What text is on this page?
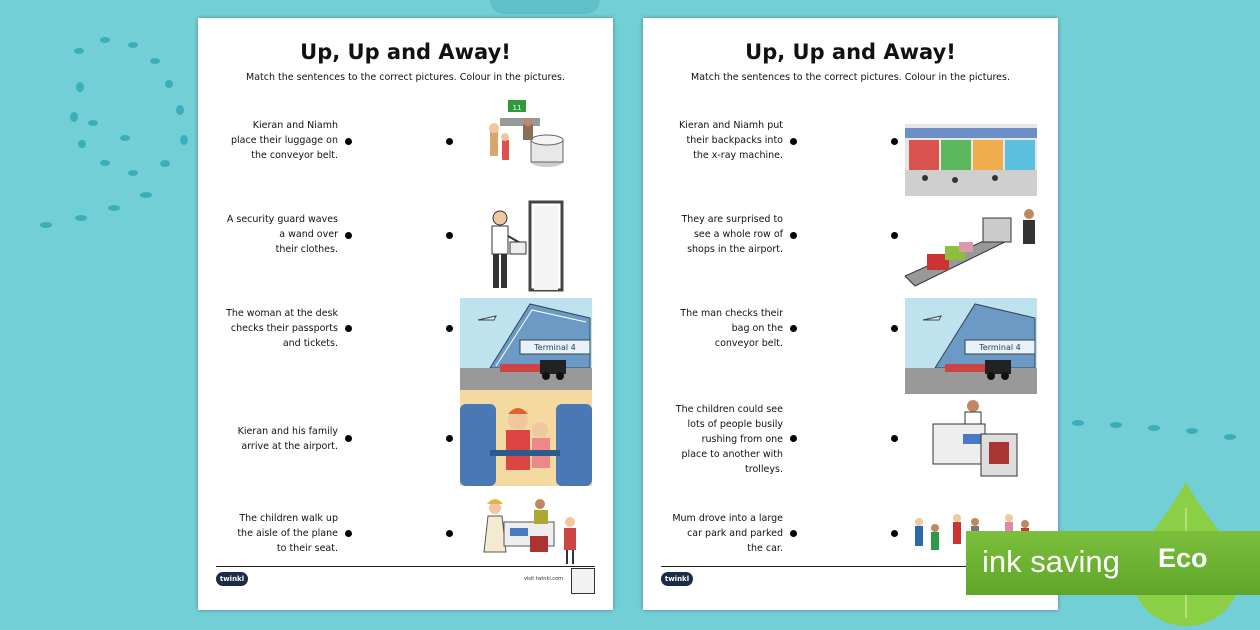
Up, Up and Away!
Match the sentences to the correct pictures. Colour in the pictures.
Kieran and Niamh
place their luggage on
the conveyor belt.
11
A security guard waves
a wand over
their clothes.
The woman at the desk
checks their passports
and tickets.	Terminal 4
Kieran and his family
arrive at the airport.
The children walk up
the aisle of the plane
to their seat.
twinkl	visit twinkl.com
Up, Up and Away!
Match the sentences to the correct pictures. Colour in the pictures.
Kieran and Niamh put
their backpacks into
the x-ray machine.
They are surprised to
see a whole row of
shops in the airport.
The man checks their
bag on the
conveyor belt.	Terminal 4
The children could see
lots of people busily
rushing from one
place to another with
trolleys.
Mum drove into a large
car park and parked
the car.
twinkl	ink saving Eco
